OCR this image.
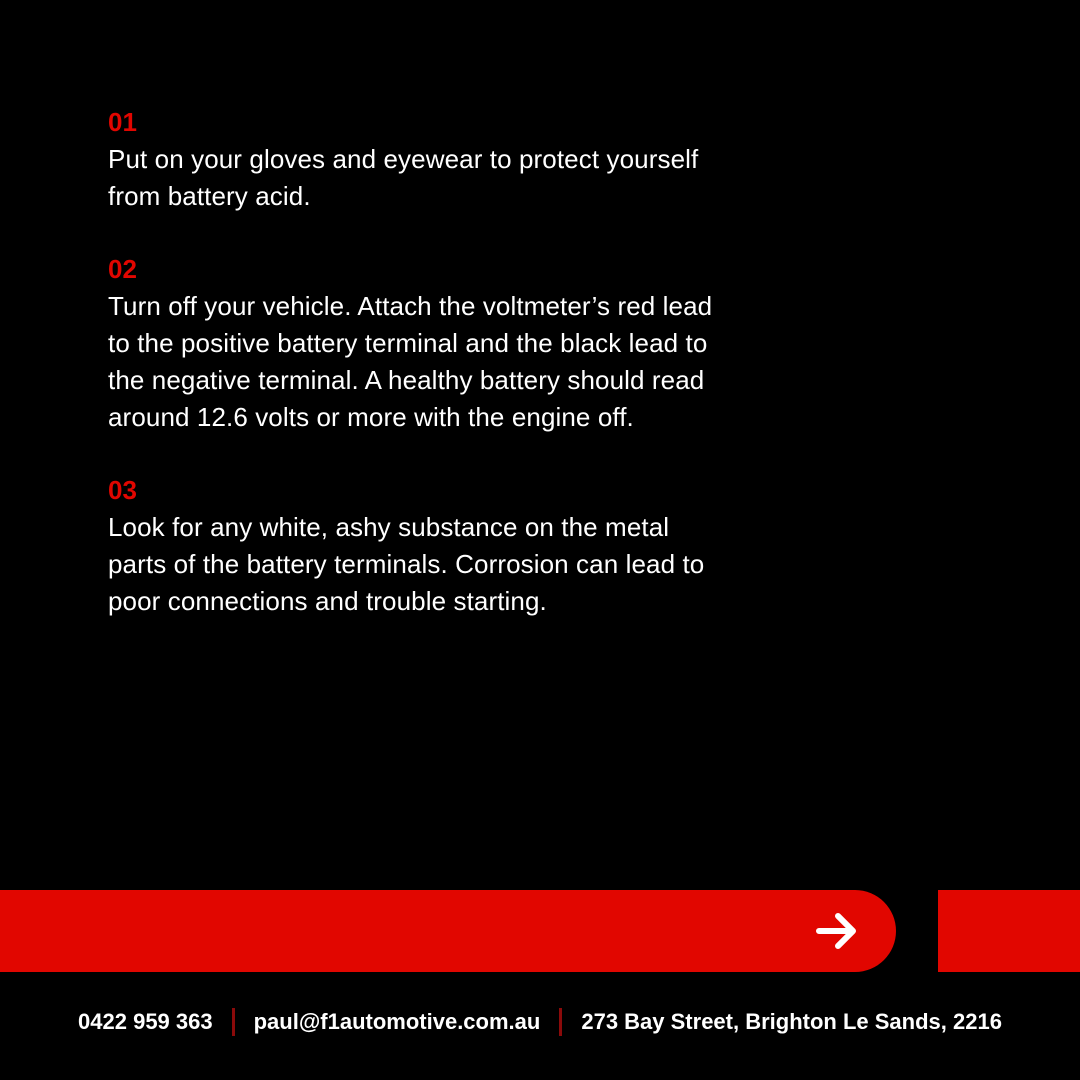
01
Put on your gloves and eyewear to protect yourself
from battery acid.
02
Turn off your vehicle. Attach the voltmeter’s red lead
to the positive battery terminal and the black lead to
the negative terminal. A healthy battery should read
around 12.6 volts or more with the engine off.
03
Look for any white, ashy substance on the metal
parts of the battery terminals. Corrosion can lead to
poor connections and trouble starting.
0422 959 363 paul@f1automotive.com.au 273 Bay Street, Brighton Le Sands, 2216
